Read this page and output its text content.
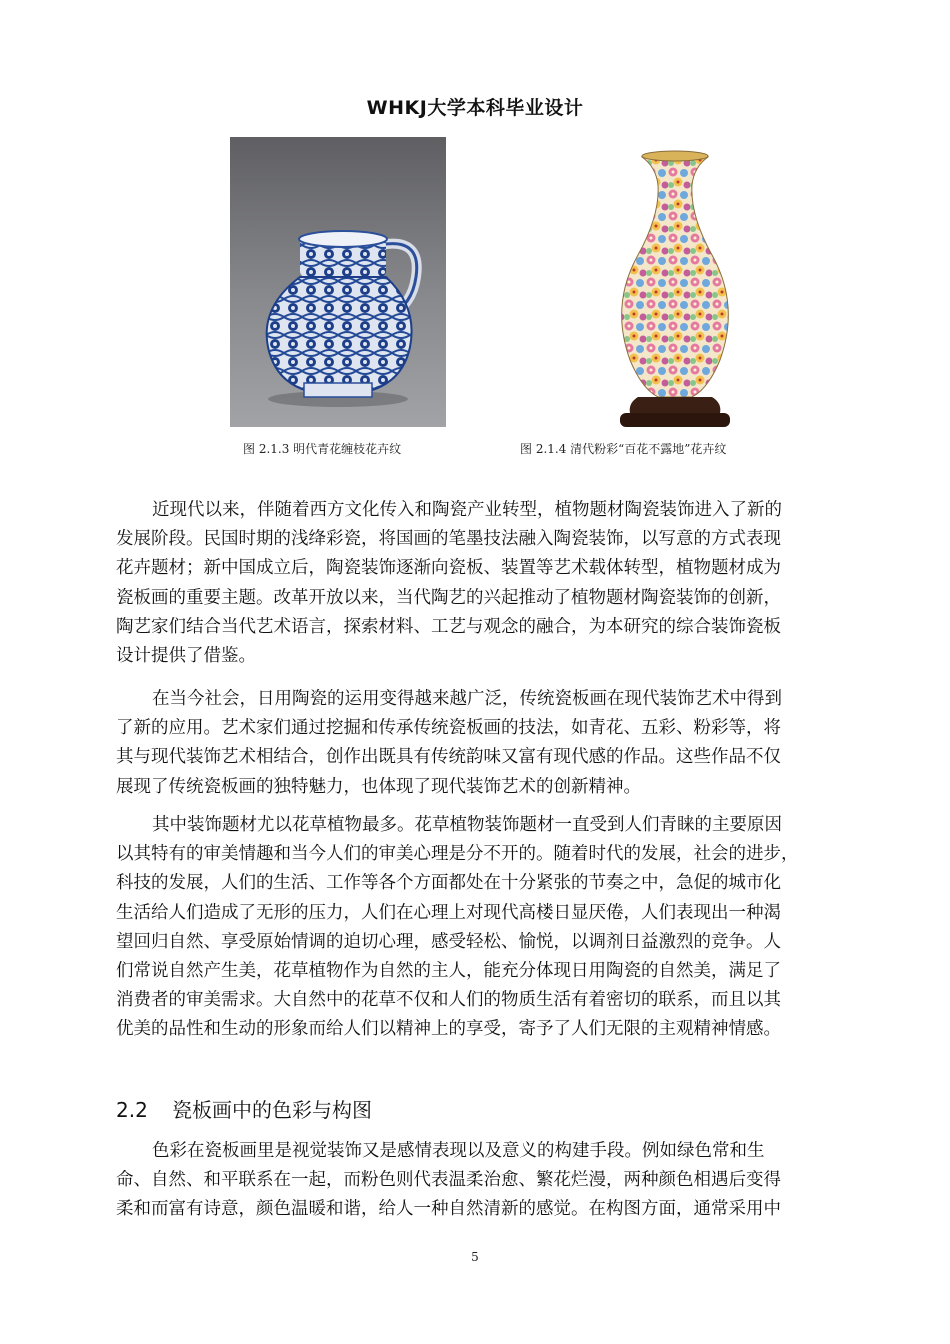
WHKJ大学本科毕业设计
图 2.1.3 明代青花缠枝花卉纹	图 2.1.4 清代粉彩“百花不露地”花卉纹
近现代以来，伴随着西方文化传入和陶瓷产业转型，植物题材陶瓷装饰进入了新的
发展阶段。民国时期的浅绛彩瓷，将国画的笔墨技法融入陶瓷装饰，以写意的方式表现
花卉题材；新中国成立后，陶瓷装饰逐渐向瓷板、装置等艺术载体转型，植物题材成为
瓷板画的重要主题。改革开放以来，当代陶艺的兴起推动了植物题材陶瓷装饰的创新，
陶艺家们结合当代艺术语言，探索材料、工艺与观念的融合，为本研究的综合装饰瓷板
设计提供了借鉴。
在当今社会，日用陶瓷的运用变得越来越广泛，传统瓷板画在现代装饰艺术中得到
了新的应用。艺术家们通过挖掘和传承传统瓷板画的技法，如青花、五彩、粉彩等，将
其与现代装饰艺术相结合，创作出既具有传统韵味又富有现代感的作品。这些作品不仅
展现了传统瓷板画的独特魅力，也体现了现代装饰艺术的创新精神。
其中装饰题材尤以花草植物最多。花草植物装饰题材一直受到人们青睐的主要原因
以其特有的审美情趣和当今人们的审美心理是分不开的。随着时代的发展，社会的进步，
科技的发展，人们的生活、工作等各个方面都处在十分紧张的节奏之中，急促的城市化
生活给人们造成了无形的压力，人们在心理上对现代高楼日显厌倦，人们表现出一种渴
望回归自然、享受原始情调的迫切心理，感受轻松、愉悦，以调剂日益激烈的竞争。人
们常说自然产生美，花草植物作为自然的主人，能充分体现日用陶瓷的自然美，满足了
消费者的审美需求。大自然中的花草不仅和人们的物质生活有着密切的联系，而且以其
优美的品性和生动的形象而给人们以精神上的享受，寄予了人们无限的主观精神情感。
2.2 瓷板画中的色彩与构图
色彩在瓷板画里是视觉装饰又是感情表现以及意义的构建手段。例如绿色常和生
命、自然、和平联系在一起，而粉色则代表温柔治愈、繁花烂漫，两种颜色相遇后变得
柔和而富有诗意，颜色温暖和谐，给人一种自然清新的感觉。在构图方面，通常采用中
5
